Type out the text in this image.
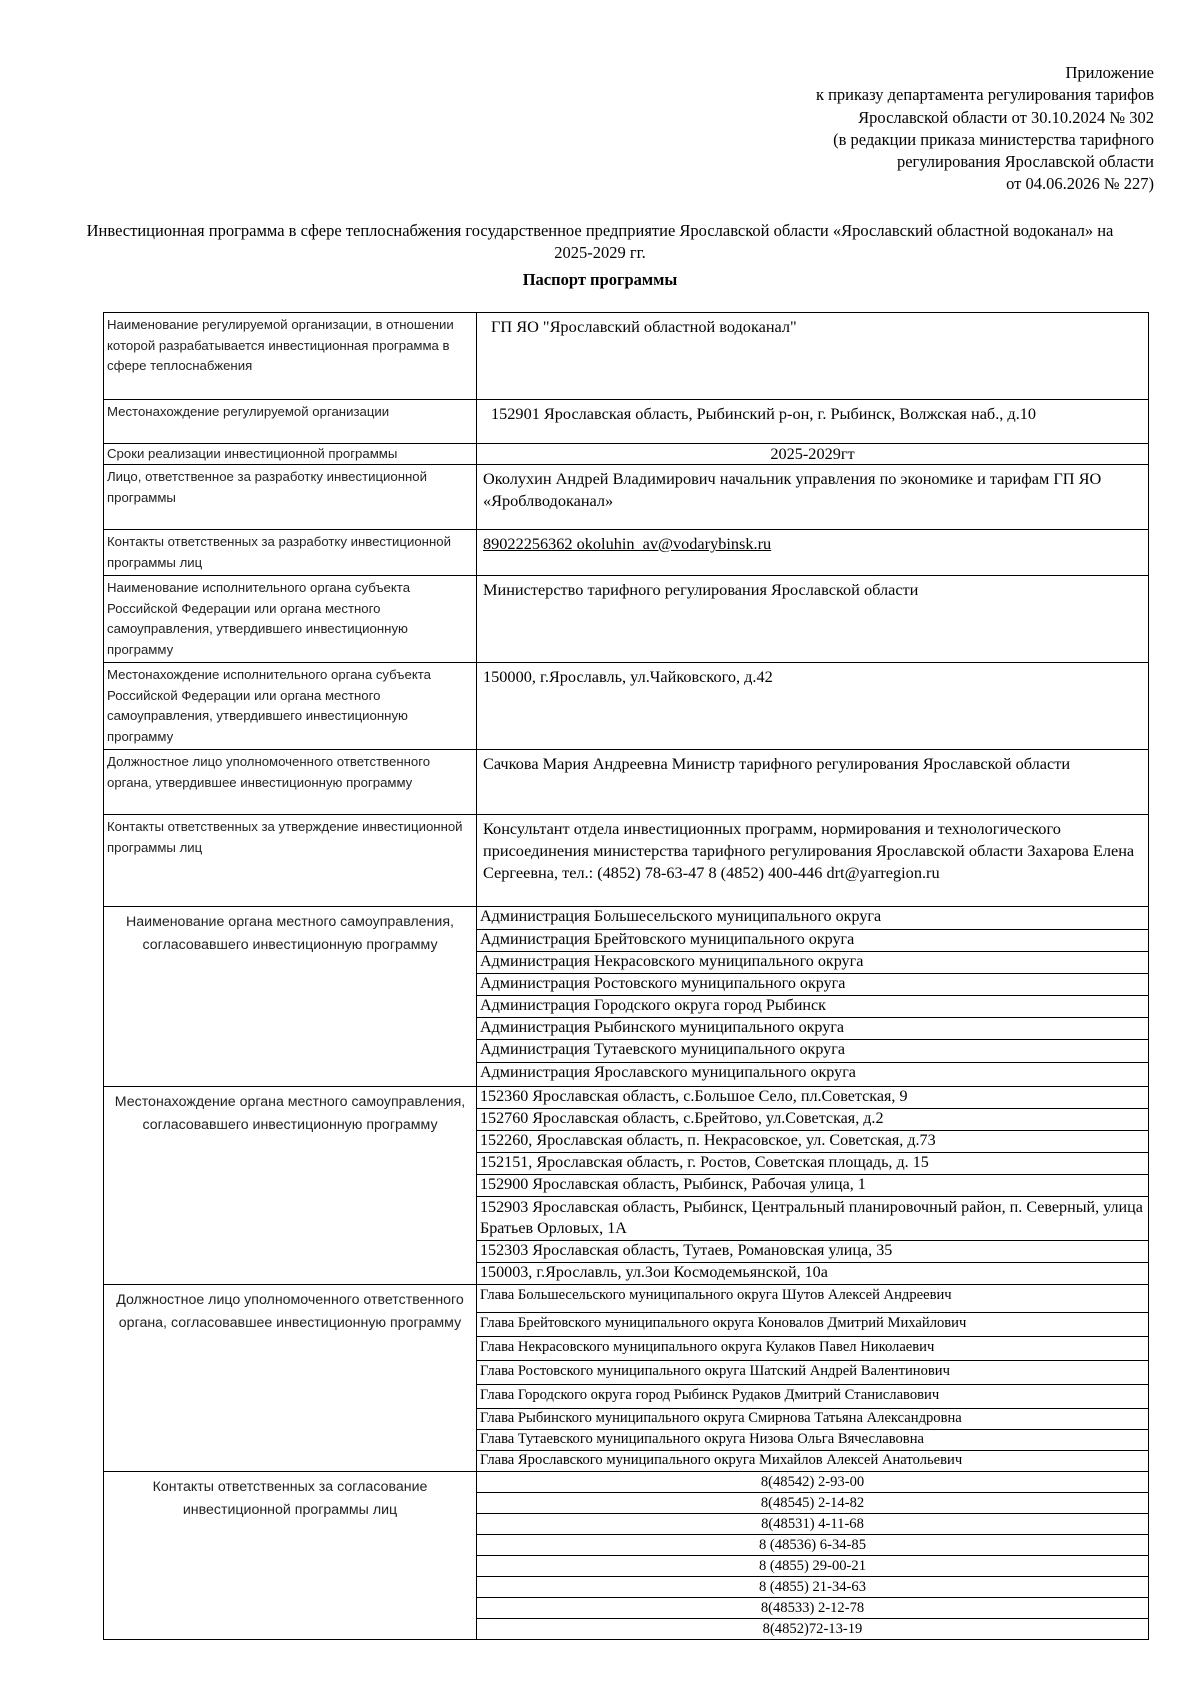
Приложение
к приказу департамента регулирования тарифов
Ярославской области от 30.10.2024 № 302
(в редакции приказа министерства тарифного
регулирования Ярославской области
от 04.06.2026 № 227)
Инвестиционная программа в сфере теплоснабжения государственное предприятие Ярославской области «Ярославский областной водоканал» на 2025-2029 гг.
Паспорт программы
Наименование регулируемой организации, в отношении которой разрабатывается инвестиционная программа в сфере теплоснабжения	ГП ЯО "Ярославский областной водоканал"
Местонахождение регулируемой организации	152901 Ярославская область, Рыбинский р-он, г. Рыбинск, Волжская наб., д.10
Сроки реализации инвестиционной программы	2025-2029гт
Лицо, ответственное за разработку инвестиционной программы	Околухин Андрей Владимирович начальник управления по экономике и тарифам ГП ЯО «Яроблводоканал»
Контакты ответственных за разработку инвестиционной программы лиц	89022256362 okoluhin_av@vodarybinsk.ru
Наименование исполнительного органа субъекта Российской Федерации или органа местного самоуправления, утвердившего инвестиционную программу	Министерство тарифного регулирования Ярославской области
Местонахождение исполнительного органа субъекта Российской Федерации или органа местного самоуправления, утвердившего инвестиционную программу	150000, г.Ярославль, ул.Чайковского, д.42
Должностное лицо уполномоченного ответственного органа, утвердившее инвестиционную программу	Сачкова Мария Андреевна Министр тарифного регулирования Ярославской области
Контакты ответственных за утверждение инвестиционной программы лиц	Консультант отдела инвестиционных программ, нормирования и технологического присоединения министерства тарифного регулирования Ярославской области Захарова Елена Сергеевна, тел.: (4852) 78-63-47 8 (4852) 400-446 drt@yarregion.ru
Наименование органа местного самоуправления, согласовавшего инвестиционную программу	Администрация Большесельского муниципального округа
	Администрация Брейтовского муниципального округа
	Администрация Некрасовского муниципального округа
	Администрация Ростовского муниципального округа
	Администрация Городского округа город Рыбинск
	Администрация Рыбинского муниципального округа
	Администрация Тутаевского муниципального округа
	Администрация Ярославского муниципального округа
Местонахождение органа местного самоуправления, согласовавшего инвестиционную программу	152360 Ярославская область, с.Большое Село, пл.Советская, 9
	152760 Ярославская область, с.Брейтово, ул.Советская, д.2
	152260, Ярославская область, п. Некрасовское, ул. Советская, д.73
	152151, Ярославская область, г. Ростов, Советская площадь, д. 15
	152900 Ярославская область, Рыбинск, Рабочая улица, 1
	152903 Ярославская область, Рыбинск, Центральный планировочный район, п. Северный, улица Братьев Орловых, 1А
	152303 Ярославская область, Тутаев, Романовская улица, 35
	150003, г.Ярославль, ул.Зои Космодемьянской, 10а
Должностное лицо уполномоченного ответственного органа, согласовавшее инвестиционную программу	Глава Большесельского муниципального округа Шутов Алексей Андреевич
	Глава Брейтовского муниципального округа Коновалов Дмитрий Михайлович
	Глава Некрасовского муниципального округа Кулаков Павел Николаевич
	Глава Ростовского муниципального округа Шатский Андрей Валентинович
	Глава Городского округа город Рыбинск Рудаков Дмитрий Станиславович
	Глава Рыбинского муниципального округа Смирнова Татьяна Александровна
	Глава Тутаевского муниципального округа Низова Ольга Вячеславовна
	Глава Ярославского муниципального округа Михайлов Алексей Анатольевич
Контакты ответственных за согласование инвестиционной программы лиц	8(48542) 2-93-00
	8(48545) 2-14-82
	8(48531) 4-11-68
	8 (48536) 6-34-85
	8 (4855) 29-00-21
	8 (4855) 21-34-63
	8(48533) 2-12-78
	8(4852)72-13-19
